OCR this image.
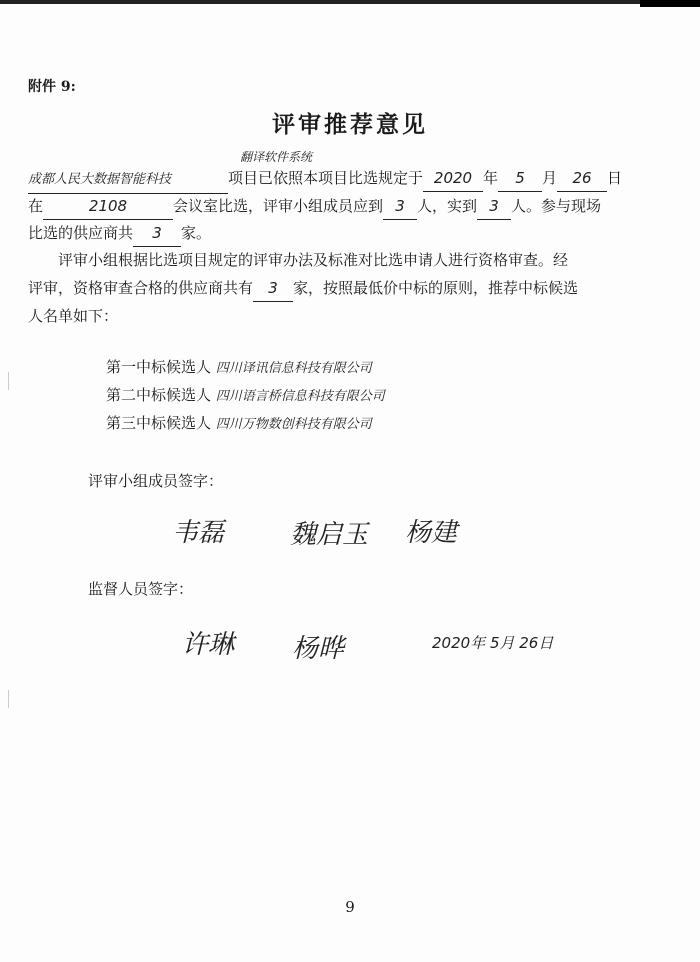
附件 9:
评审推荐意见
翻译软件系统
成都人民大数据智能科技	项目已依照本项目比选规定于 2020 年 5 月 26 日
在	2108	会议室比选，评审小组成员应到 3 人，实到 3 人。参与现场
比选的供应商共 3 家。
评审小组根据比选项目规定的评审办法及标准对比选申请人进行资格审查。经
评审，资格审查合格的供应商共有 3 家，按照最低价中标的原则，推荐中标候选
人名单如下：
第一中标候选人 四川译讯信息科技有限公司
第二中标候选人 四川语言桥信息科技有限公司
第三中标候选人 四川万物数创科技有限公司
评审小组成员签字：
韦磊	魏启玉 杨建
监督人员签字：
许琳 杨晔	2020年 5月 26日
9
